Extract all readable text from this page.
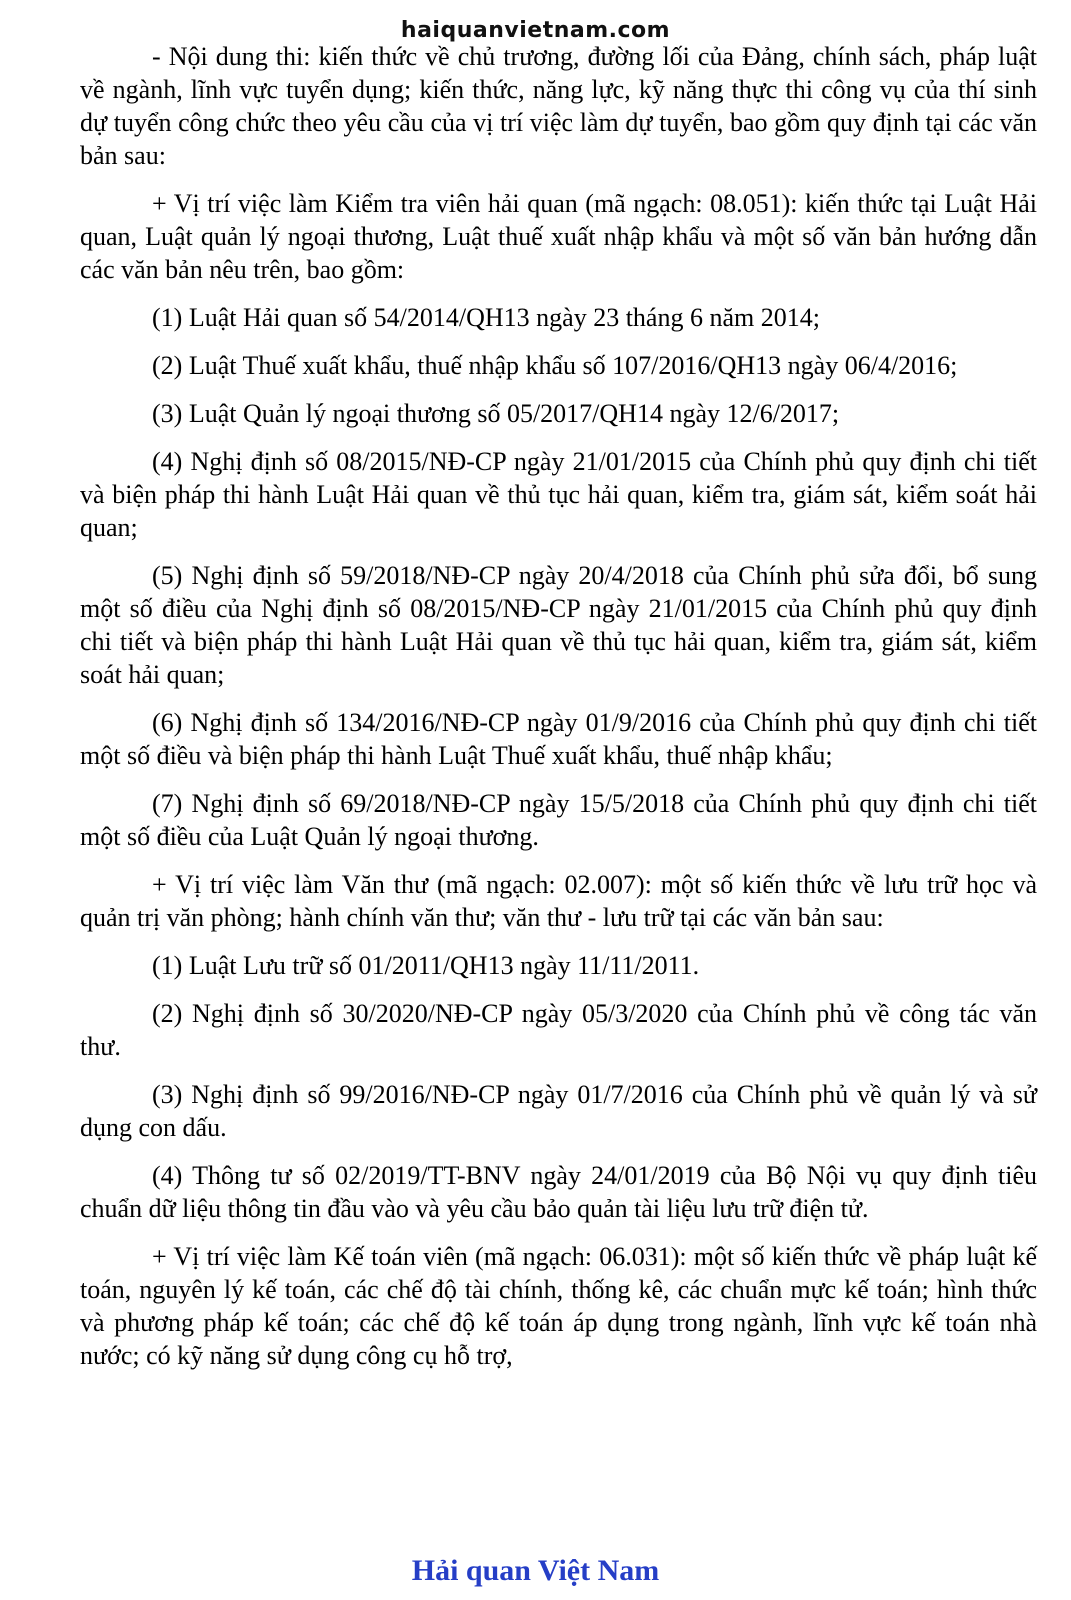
haiquanvietnam.com

- Nội dung thi: kiến thức về chủ trương, đường lối của Đảng, chính sách, pháp luật về ngành, lĩnh vực tuyển dụng; kiến thức, năng lực, kỹ năng thực thi công vụ của thí sinh dự tuyển công chức theo yêu cầu của vị trí việc làm dự tuyển, bao gồm quy định tại các văn bản sau:

+ Vị trí việc làm Kiểm tra viên hải quan (mã ngạch: 08.051): kiến thức tại Luật Hải quan, Luật quản lý ngoại thương, Luật thuế xuất nhập khẩu và một số văn bản hướng dẫn các văn bản nêu trên, bao gồm:

(1) Luật Hải quan số 54/2014/QH13 ngày 23 tháng 6 năm 2014;

(2) Luật Thuế xuất khẩu, thuế nhập khẩu số 107/2016/QH13 ngày 06/4/2016;

(3) Luật Quản lý ngoại thương số 05/2017/QH14 ngày 12/6/2017;

(4) Nghị định số 08/2015/NĐ-CP ngày 21/01/2015 của Chính phủ quy định chi tiết và biện pháp thi hành Luật Hải quan về thủ tục hải quan, kiểm tra, giám sát, kiểm soát hải quan;

(5) Nghị định số 59/2018/NĐ-CP ngày 20/4/2018 của Chính phủ sửa đổi, bổ sung một số điều của Nghị định số 08/2015/NĐ-CP ngày 21/01/2015 của Chính phủ quy định chi tiết và biện pháp thi hành Luật Hải quan về thủ tục hải quan, kiểm tra, giám sát, kiểm soát hải quan;

(6) Nghị định số 134/2016/NĐ-CP ngày 01/9/2016 của Chính phủ quy định chi tiết một số điều và biện pháp thi hành Luật Thuế xuất khẩu, thuế nhập khẩu;

(7) Nghị định số 69/2018/NĐ-CP ngày 15/5/2018 của Chính phủ quy định chi tiết một số điều của Luật Quản lý ngoại thương.

+ Vị trí việc làm Văn thư (mã ngạch: 02.007): một số kiến thức về lưu trữ học và quản trị văn phòng; hành chính văn thư; văn thư - lưu trữ tại các văn bản sau:

(1) Luật Lưu trữ số 01/2011/QH13 ngày 11/11/2011.

(2) Nghị định số 30/2020/NĐ-CP ngày 05/3/2020 của Chính phủ về công tác văn thư.

(3) Nghị định số 99/2016/NĐ-CP ngày 01/7/2016 của Chính phủ về quản lý và sử dụng con dấu.

(4) Thông tư số 02/2019/TT-BNV ngày 24/01/2019 của Bộ Nội vụ quy định tiêu chuẩn dữ liệu thông tin đầu vào và yêu cầu bảo quản tài liệu lưu trữ điện tử.

+ Vị trí việc làm Kế toán viên (mã ngạch: 06.031): một số kiến thức về pháp luật kế toán, nguyên lý kế toán, các chế độ tài chính, thống kê, các chuẩn mực kế toán; hình thức và phương pháp kế toán; các chế độ kế toán áp dụng trong ngành, lĩnh vực kế toán nhà nước; có kỹ năng sử dụng công cụ hỗ trợ,

Hải quan Việt Nam
